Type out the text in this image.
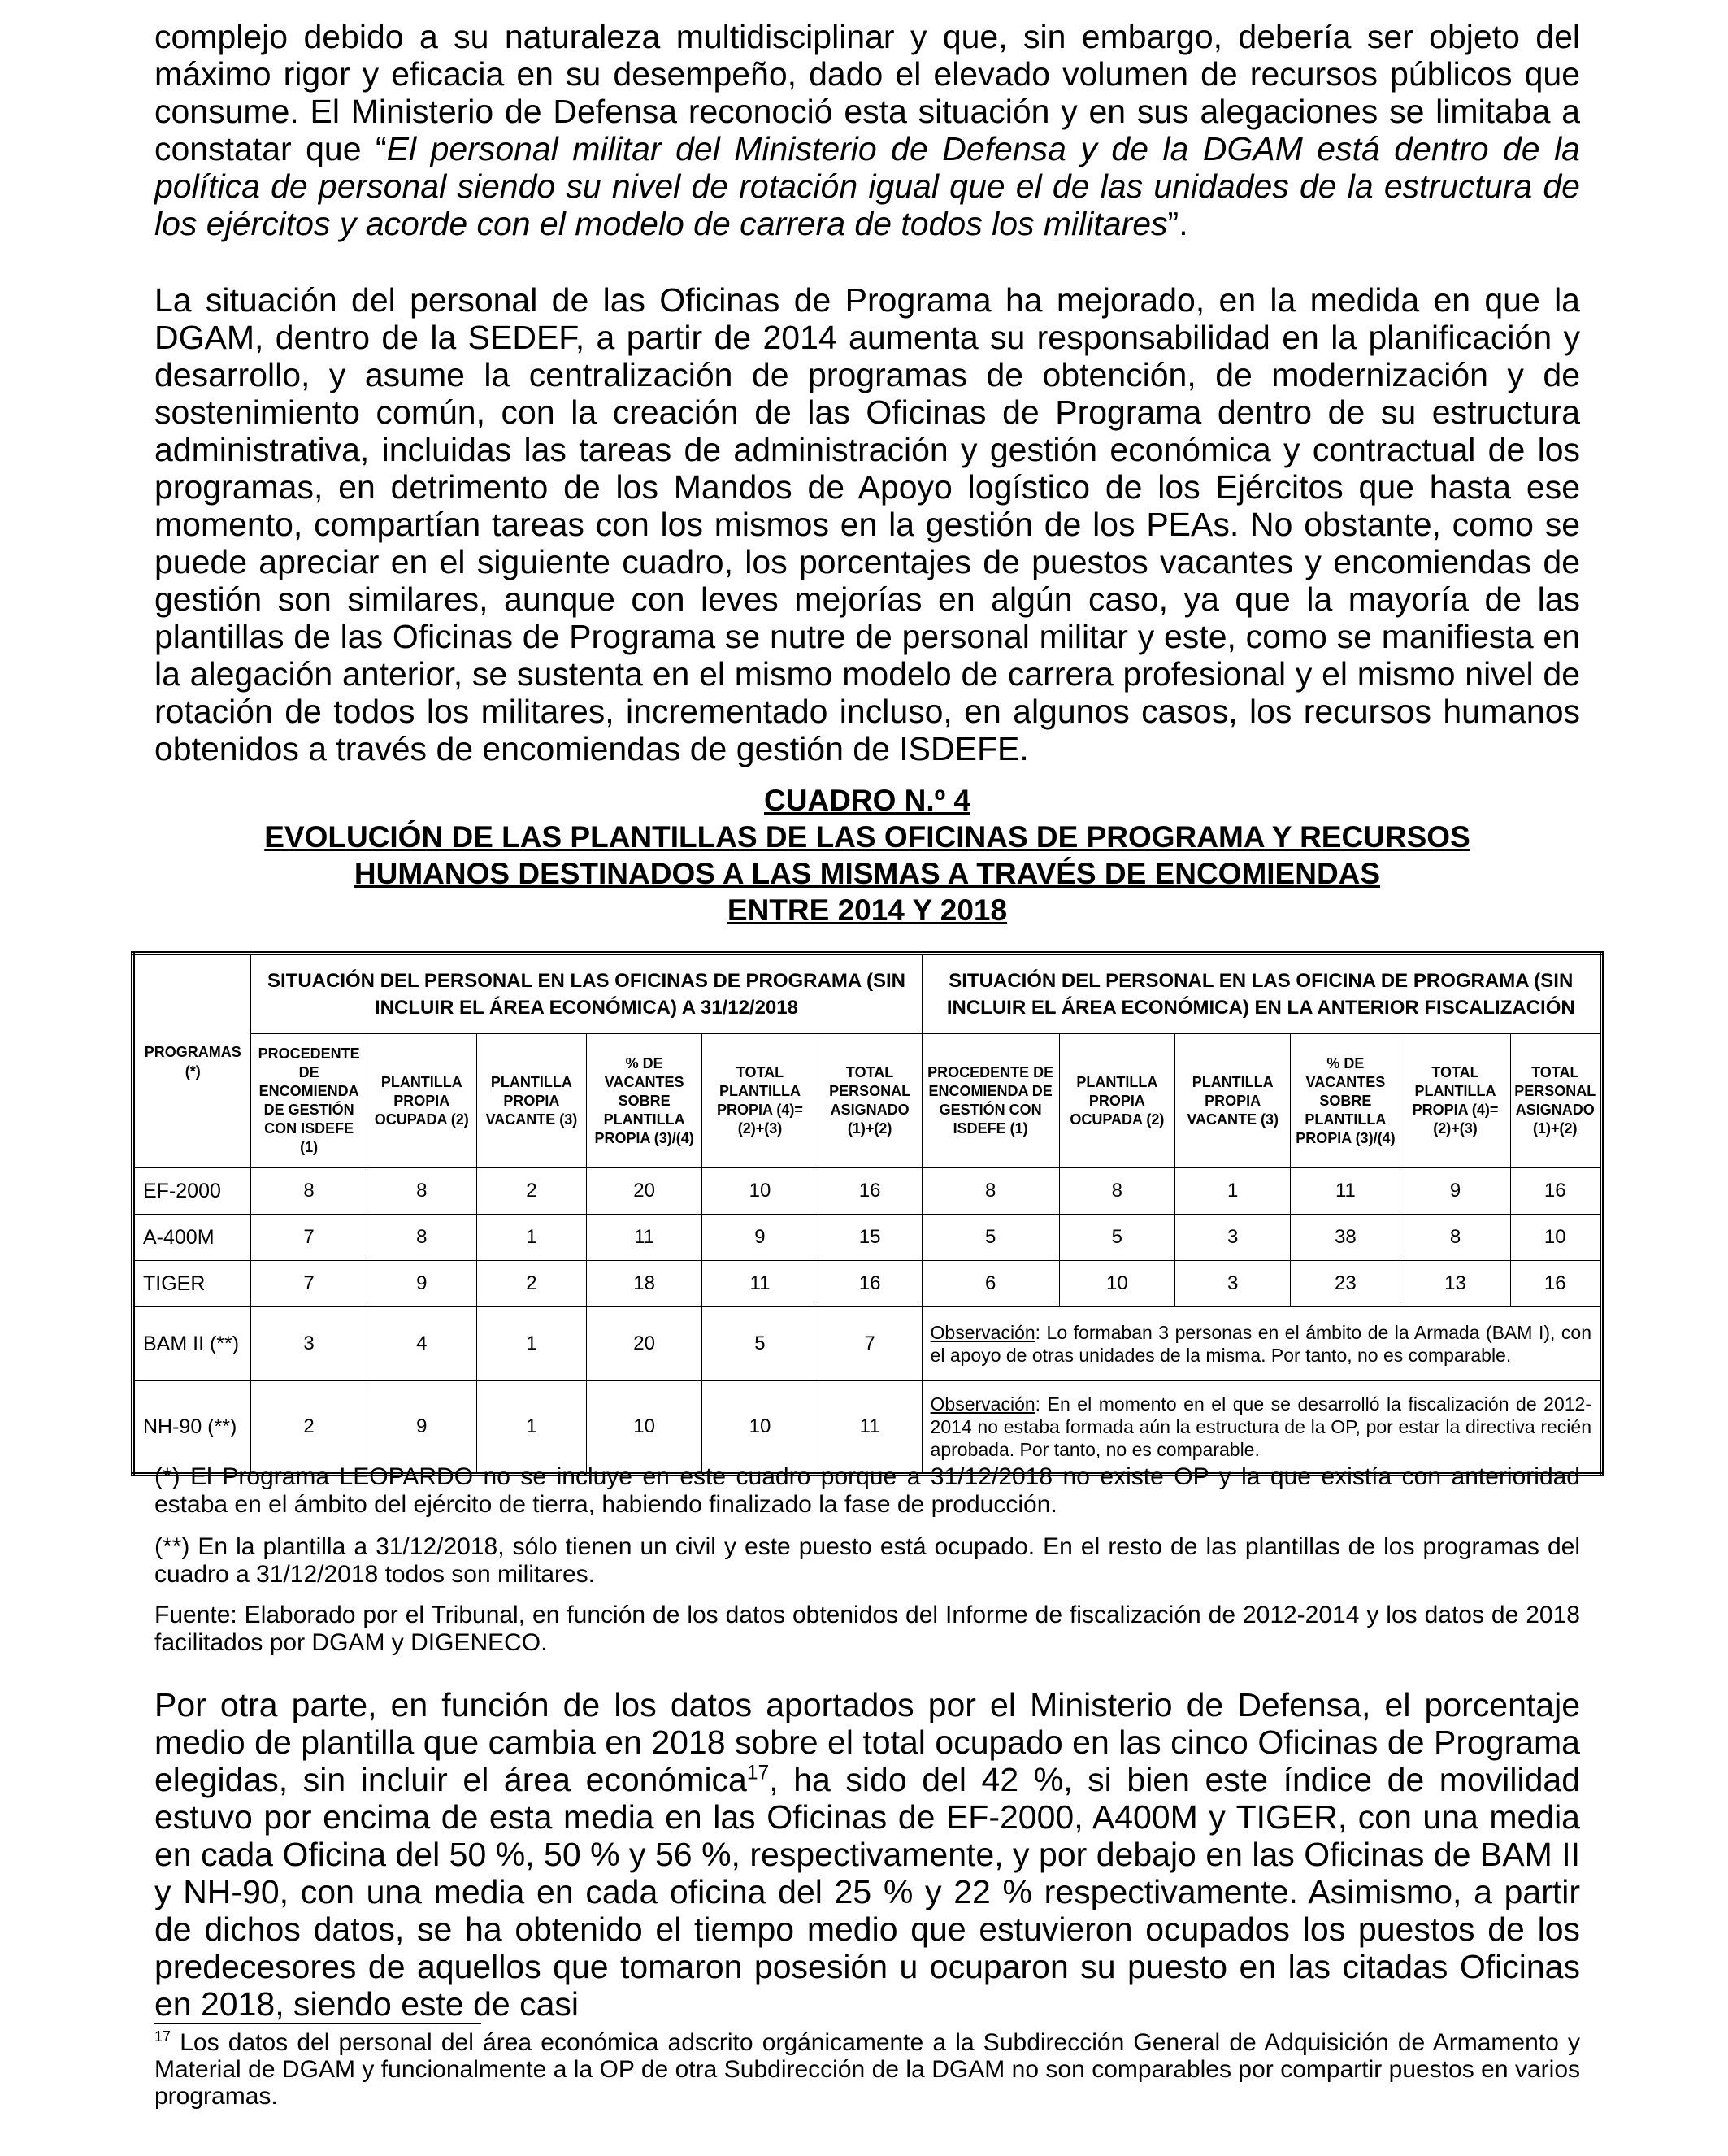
complejo debido a su naturaleza multidisciplinar y que, sin embargo, debería ser objeto del máximo rigor y eficacia en su desempeño, dado el elevado volumen de recursos públicos que consume. El Ministerio de Defensa reconoció esta situación y en sus alegaciones se limitaba a constatar que “El personal militar del Ministerio de Defensa y de la DGAM está dentro de la política de personal siendo su nivel de rotación igual que el de las unidades de la estructura de los ejércitos y acorde con el modelo de carrera de todos los militares”.

La situación del personal de las Oficinas de Programa ha mejorado, en la medida en que la DGAM, dentro de la SEDEF, a partir de 2014 aumenta su responsabilidad en la planificación y desarrollo, y asume la centralización de programas de obtención, de modernización y de sostenimiento común, con la creación de las Oficinas de Programa dentro de su estructura administrativa, incluidas las tareas de administración y gestión económica y contractual de los programas, en detrimento de los Mandos de Apoyo logístico de los Ejércitos que hasta ese momento, compartían tareas con los mismos en la gestión de los PEAs. No obstante, como se puede apreciar en el siguiente cuadro, los porcentajes de puestos vacantes y encomiendas de gestión son similares, aunque con leves mejorías en algún caso, ya que la mayoría de las plantillas de las Oficinas de Programa se nutre de personal militar y este, como se manifiesta en la alegación anterior, se sustenta en el mismo modelo de carrera profesional y el mismo nivel de rotación de todos los militares, incrementado incluso, en algunos casos, los recursos humanos obtenidos a través de encomiendas de gestión de ISDEFE.

CUADRO N.º 4
EVOLUCIÓN DE LAS PLANTILLAS DE LAS OFICINAS DE PROGRAMA Y RECURSOS
HUMANOS DESTINADOS A LAS MISMAS A TRAVÉS DE ENCOMIENDAS
ENTRE 2014 Y 2018
PROGRAMAS (*)	SITUACIÓN DEL PERSONAL EN LAS OFICINAS DE PROGRAMA (SIN INCLUIR EL ÁREA ECONÓMICA) A 31/12/2018						SITUACIÓN DEL PERSONAL EN LAS OFICINA DE PROGRAMA (SIN INCLUIR EL ÁREA ECONÓMICA) EN LA ANTERIOR FISCALIZACIÓN					
	PROCEDENTE DE ENCOMIENDA DE GESTIÓN CON ISDEFE (1)	PLANTILLA PROPIA OCUPADA (2)	PLANTILLA PROPIA VACANTE (3)	% DE VACANTES SOBRE PLANTILLA PROPIA (3)/(4)	TOTAL PLANTILLA PROPIA (4)=(2)+(3)	TOTAL PERSONAL ASIGNADO (1)+(2)	PROCEDENTE DE ENCOMIENDA DE GESTIÓN CON ISDEFE (1)	PLANTILLA PROPIA OCUPADA (2)	PLANTILLA PROPIA VACANTE (3)	% DE VACANTES SOBRE PLANTILLA PROPIA (3)/(4)	TOTAL PLANTILLA PROPIA (4)=(2)+(3)	TOTAL PERSONAL ASIGNADO (1)+(2)
EF-2000	8	8	2	20	10	16	8	8	1	11	9	16
A-400M	7	8	1	11	9	15	5	5	3	38	8	10
TIGER	7	9	2	18	11	16	6	10	3	23	13	16
BAM II (**)	3	4	1	20	5	7	Observación: Lo formaban 3 personas en el ámbito de la Armada (BAM I), con el apoyo de otras unidades de la misma. Por tanto, no es comparable.					
NH-90 (**)	2	9	1	10	10	11	Observación: En el momento en el que se desarrolló la fiscalización de 2012-2014 no estaba formada aún la estructura de la OP, por estar la directiva recién aprobada. Por tanto, no es comparable.					

(*) El Programa LEOPARDO no se incluye en este cuadro porque a 31/12/2018 no existe OP y la que existía con anterioridad estaba en el ámbito del ejército de tierra, habiendo finalizado la fase de producción.

(**) En la plantilla a 31/12/2018, sólo tienen un civil y este puesto está ocupado. En el resto de las plantillas de los programas del cuadro a 31/12/2018 todos son militares.

Fuente: Elaborado por el Tribunal, en función de los datos obtenidos del Informe de fiscalización de 2012-2014 y los datos de 2018 facilitados por DGAM y DIGENECO.

Por otra parte, en función de los datos aportados por el Ministerio de Defensa, el porcentaje medio de plantilla que cambia en 2018 sobre el total ocupado en las cinco Oficinas de Programa elegidas, sin incluir el área económica$^{17}$, ha sido del 42 %, si bien este índice de movilidad estuvo por encima de esta media en las Oficinas de EF-2000, A400M y TIGER, con una media en cada Oficina del 50 %, 50 % y 56 %, respectivamente, y por debajo en las Oficinas de BAM II y NH-90, con una media en cada oficina del 25 % y 22 % respectivamente. Asimismo, a partir de dichos datos, se ha obtenido el tiempo medio que estuvieron ocupados los puestos de los predecesores de aquellos que tomaron posesión u ocuparon su puesto en las citadas Oficinas en 2018, siendo este de casi

$^{17}$ Los datos del personal del área económica adscrito orgánicamente a la Subdirección General de Adquisición de Armamento y Material de DGAM y funcionalmente a la OP de otra Subdirección de la DGAM no son comparables por compartir puestos en varios programas.
